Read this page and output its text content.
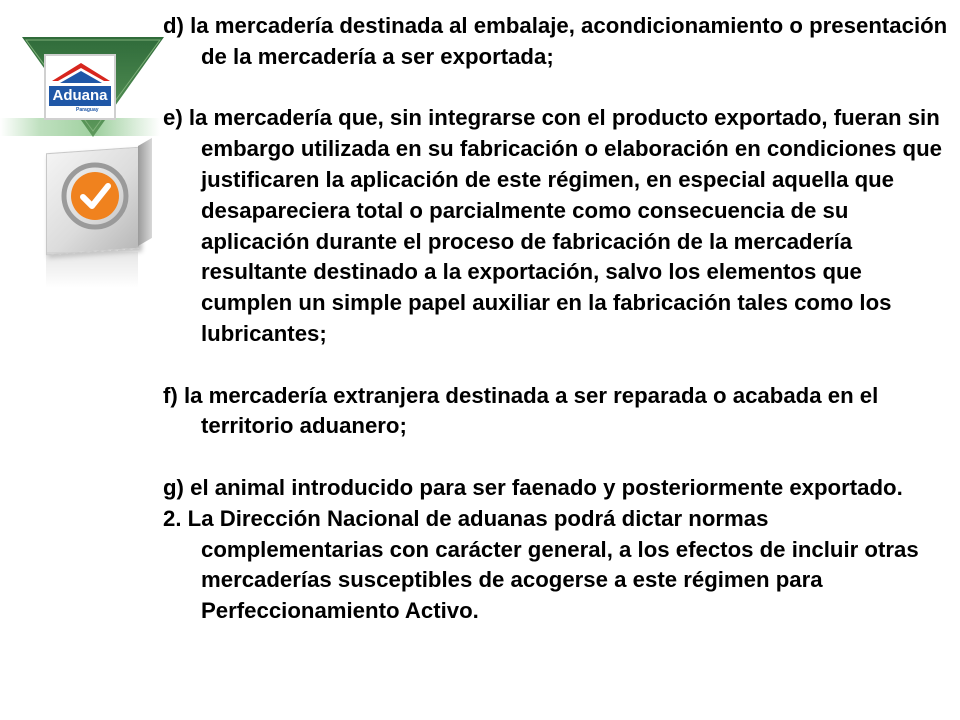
Aduana
Paraguay

d) la mercadería destinada al embalaje, acondicionamiento o presentación de la mercadería a ser exportada;

e) la mercadería que, sin integrarse con el producto exportado, fueran sin embargo utilizada en su fabricación o elaboración en condiciones que justificaren la aplicación de este régimen, en especial aquella que desapareciera total o parcialmente como consecuencia de su aplicación durante el proceso de fabricación de la mercadería resultante destinado a la exportación, salvo los elementos que cumplen un simple papel auxiliar en la fabricación tales como los lubricantes;

f) la mercadería extranjera destinada a ser reparada o acabada en el territorio aduanero;

g) el animal introducido para ser faenado y posteriormente exportado.

2. La Dirección Nacional de aduanas podrá dictar normas complementarias con carácter general, a los efectos de incluir otras mercaderías susceptibles de acogerse a este régimen para Perfeccionamiento Activo.
